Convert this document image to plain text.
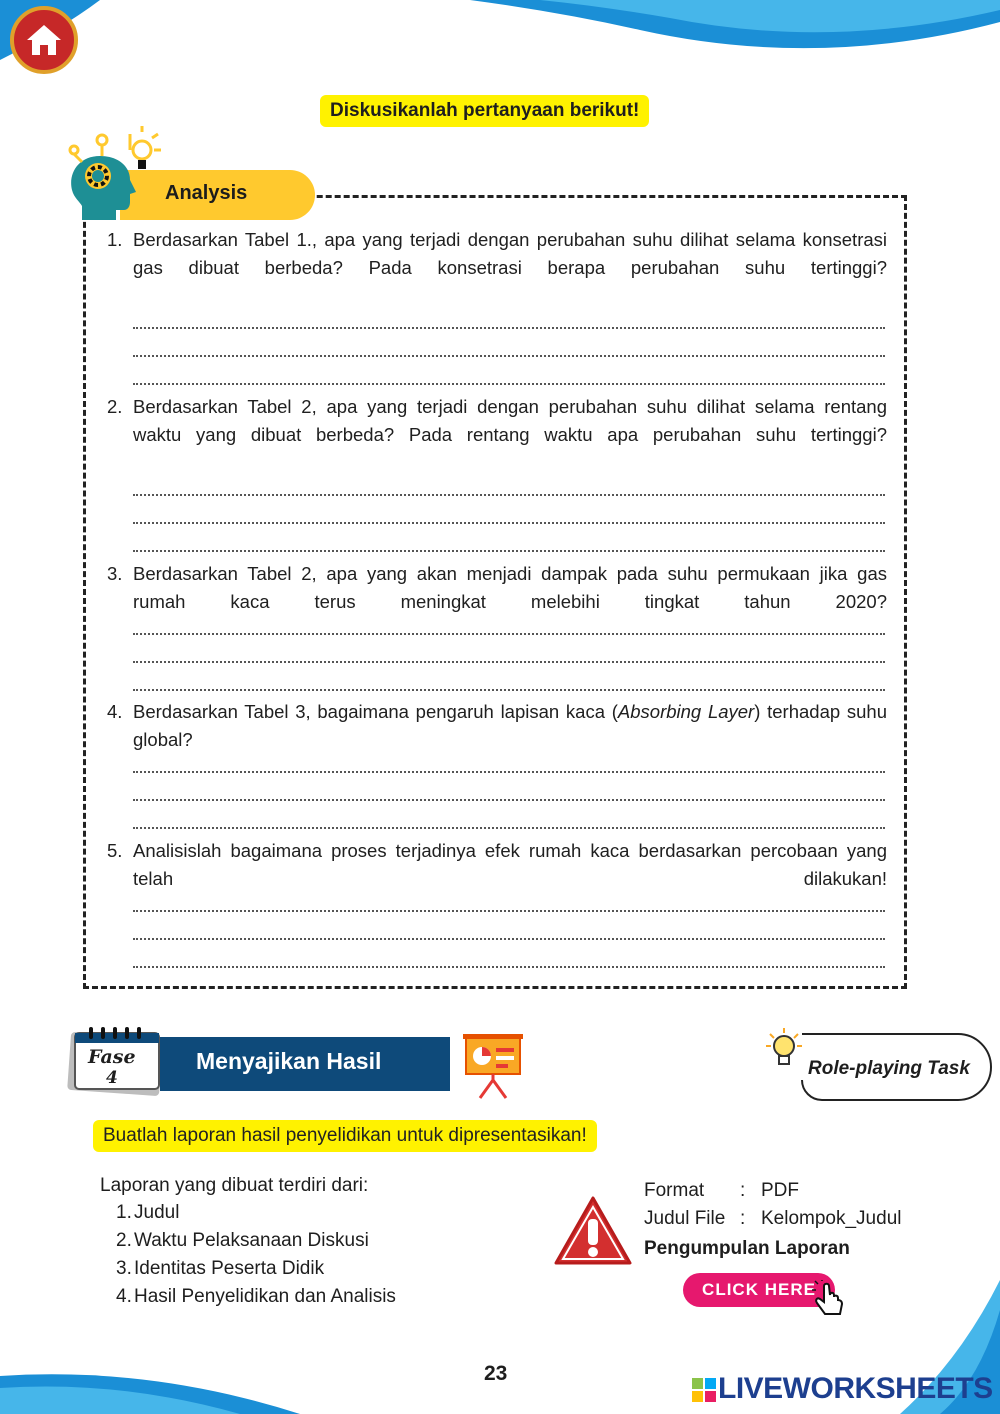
Diskusikanlah pertanyaan berikut!
Analysis
1. Berdasarkan Tabel 1., apa yang terjadi dengan perubahan suhu dilihat selama konsetrasi gas dibuat berbeda? Pada konsetrasi berapa perubahan suhu tertinggi?
2. Berdasarkan Tabel 2, apa yang terjadi dengan perubahan suhu dilihat selama rentang waktu yang dibuat berbeda? Pada rentang waktu apa perubahan suhu tertinggi?
3. Berdasarkan Tabel 2, apa yang akan menjadi dampak pada suhu permukaan jika gas rumah kaca terus meningkat melebihi tingkat tahun 2020?
4. Berdasarkan Tabel 3, bagaimana pengaruh lapisan kaca (Absorbing Layer) terhadap suhu global?
5. Analisislah bagaimana proses terjadinya efek rumah kaca berdasarkan percobaan yang telah dilakukan!
Fase
4
Menyajikan Hasil	Role-playing Task
Buatlah laporan hasil penyelidikan untuk dipresentasikan!
Laporan yang dibuat terdiri dari:
1. Judul
2. Waktu Pelaksanaan Diskusi
3. Identitas Peserta Didik
4. Hasil Penyelidikan dan Analisis
Format : PDF
Judul File : Kelompok_Judul
Pengumpulan Laporan
CLICK HERE
23	LIVEWORKSHEETS
